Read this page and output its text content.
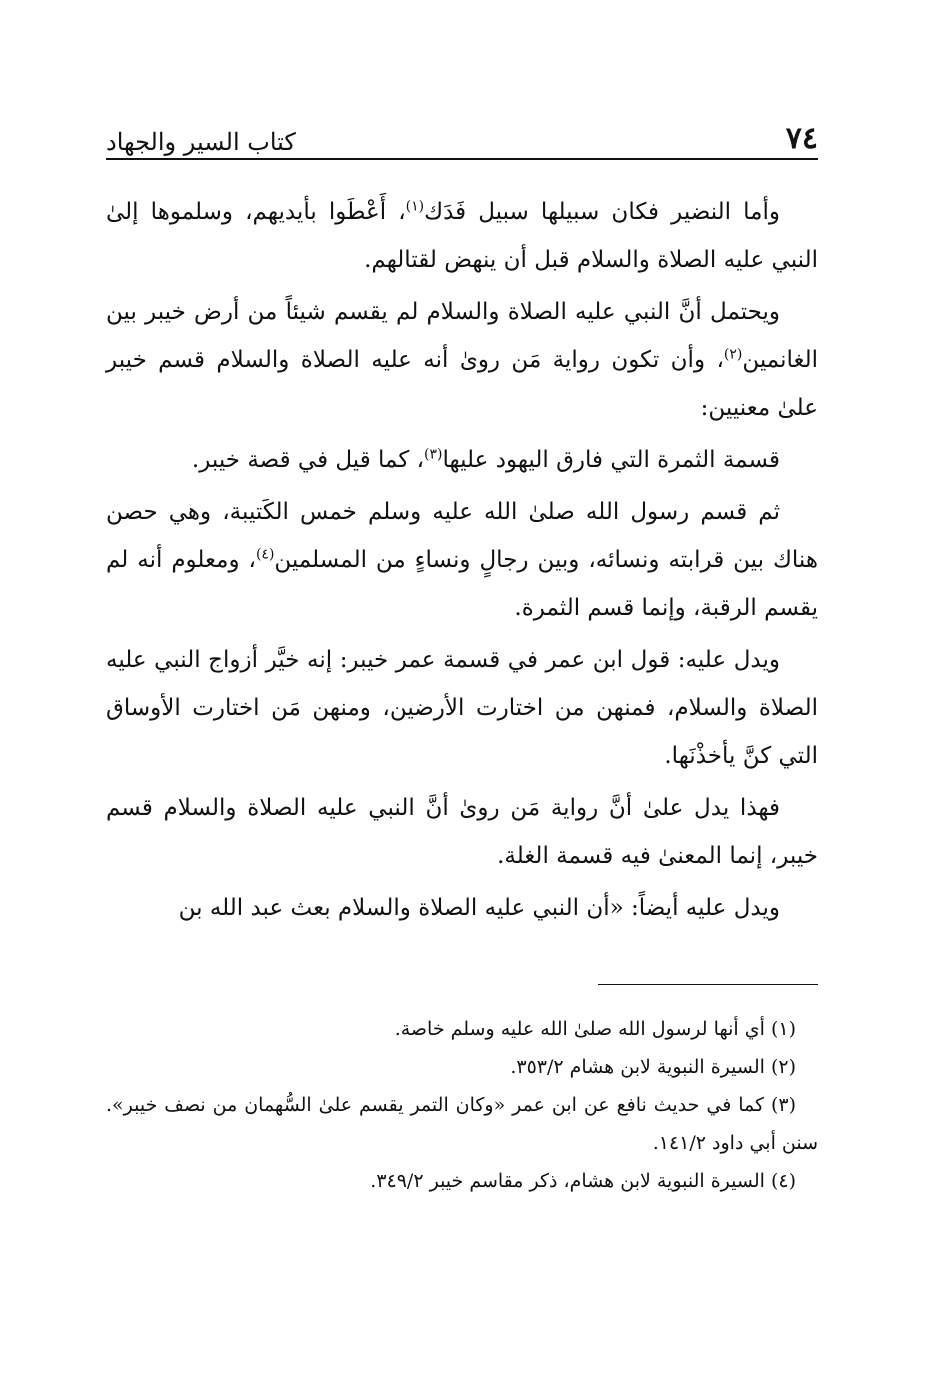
٧٤
كتاب السير والجهاد

وأما النضير فكان سبيلها سبيل فَدَك$^{(١)}$، أَعْطَوا بأيديهم، وسلموها إلىٰ النبي عليه الصلاة والسلام قبل أن ينهض لقتالهم.

ويحتمل أنَّ النبي عليه الصلاة والسلام لم يقسم شيئاً من أرض خيبر بين الغانمين$^{(٢)}$، وأن تكون رواية مَن روىٰ أنه عليه الصلاة والسلام قسم خيبر علىٰ معنيين:

قسمة الثمرة التي فارق اليهود عليها$^{(٣)}$، كما قيل في قصة خيبر.

ثم قسم رسول الله صلىٰ الله عليه وسلم خمس الكَتيبة، وهي حصن هناك بين قرابته ونسائه، وبين رجالٍ ونساءٍ من المسلمين$^{(٤)}$، ومعلوم أنه لم يقسم الرقبة، وإنما قسم الثمرة.

ويدل عليه: قول ابن عمر في قسمة عمر خيبر: إنه خيَّر أزواج النبي عليه الصلاة والسلام، فمنهن من اختارت الأرضين، ومنهن مَن اختارت الأوساق التي كنَّ يأخذْنَها.

فهذا يدل علىٰ أنَّ رواية مَن روىٰ أنَّ النبي عليه الصلاة والسلام قسم خيبر، إنما المعنىٰ فيه قسمة الغلة.

ويدل عليه أيضاً: «أن النبي عليه الصلاة والسلام بعث عبد الله بن

(١) أي أنها لرسول الله صلىٰ الله عليه وسلم خاصة.

(٢) السيرة النبوية لابن هشام ٣٥٣/٢.

(٣) كما في حديث نافع عن ابن عمر «وكان التمر يقسم علىٰ السُّهمان من نصف خيبر». سنن أبي داود ١٤١/٢.

(٤) السيرة النبوية لابن هشام، ذكر مقاسم خيبر ٣٤٩/٢.
